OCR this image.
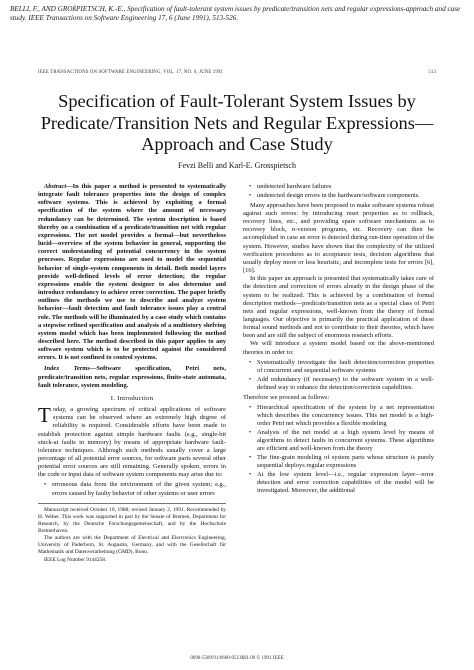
BELLI, F., AND GROßPIETSCH, K.-E., Specification of fault-tolerant system issues by predicate/transition nets and regular expressions-approach and case study. IEEE Transactions on Software Engineering 17, 6 (June 1991), 513-526.
IEEE TRANSACTIONS ON SOFTWARE ENGINEERING, VOL. 17, NO. 6, JUNE 1991	513
Specification of Fault-Tolerant System Issues by Predicate/Transition Nets and Regular Expressions—Approach and Case Study
Fevzi Belli and Karl-E. Grosspietsch

Abstract—In this paper a method is presented to systematically integrate fault tolerance properties into the design of complex software systems. This is achieved by exploiting a formal specification of the system where the amount of necessary redundancy can be determined. The system description is based thereby on a combination of a predicate/transition net with regular expressions. The net model provides a formal—but nevertheless lucid—overview of the system behavior in general, supporting the correct understanding of potential concurrency in the system processes. Regular expressions are used to model the sequential behavior of single-system components in detail. Both model layers provide well-defined levels of error detection; the regular expressions enable the system designer to also determine and introduce redundancy to achieve error correction. The paper briefly outlines the methods we use to describe and analyze system behavior—fault detection and fault tolerance issues play a central role. The methods will be illuminated by a case study which contains a stepwise refined specification and analysis of a multistory shelving system model which has been implemented following the method described here. The method described in this paper applies to any software system which is to be protected against the considered errors. It is not confined to control systems.

Index Terms—Software specification, Petri nets, predicate/transition nets, regular expressions, finite-state automata, fault tolerance, system modeling.

I. Introduction

Today, a growing spectrum of critical applications of software systems can be observed where an extremely high degree of reliability is required. Considerable efforts have been made to establish protection against simple hardware faults (e.g., single-bit stuck-at faults in memory) by means of appropriate hardware fault-tolerance techniques. Although such methods usually cover a large percentage of all potential error sources, for software parts several other potential error sources are still remaining. Generally spoken, errors in the code or input data of software system components may arise due to:

• erroneous data from the environment of the given system; e.g., errors caused by faulty behavior of other systems or user errors

Manuscript received October 10, 1988; revised January 2, 1991. Recommended by H. Weber. This work was supported in part by the Senate of Bremen, Department for Research, by the Deutsche Forschungsgemeinschaft, and by the Hochschule Bremerhaven.

The authors are with the Department of Electrical and Electronics Engineering, University of Paderborn, St. Augustin, Germany, and with the Gesellschaft für Mathematik und Datenverarbeitung (GMD), Bonn.

IEEE Log Number 9144258.

• undetected hardware failures
• undetected design errors in the hardware/software components.

Many approaches have been proposed to make software systems robust against such errors: by introducing reset properties as to rollback, recovery lines, etc., and providing spare software mechanisms as to recovery block, n-version programs, etc. Recovery can then be accomplished in case an error is detected during run-time operation of the system. However, studies have shown that the complexity of the utilized verification procedures as to acceptance tests, decision algorithms that usually deploy more or less heuristic, and incomplete tests for errors [6], [16].

In this paper an approach is presented that systematically takes care of the detection and correction of errors already in the design phase of the system to be realized. This is achieved by a combination of formal description methods—predicate/transition nets as a special class of Petri nets and regular expressions, well-known from the theory of formal languages. Our objective is primarily the practical application of these formal sound methods and not to contribute to their theories, which have been and are still the subject of enormous research efforts.

We will introduce a system model based on the above-mentioned theories in order to:

• Systematically investigate the fault detection/correction properties of concurrent and sequential software systems
• Add redundancy (if necessary) to the software system in a well-defined way to enhance the detection/correction capabilities.

Therefore we proceed as follows:

• Hierarchical specification of the system by a net representation which describes the concurrency issues. This net model is a high-order Petri net which provides a flexible modeling
• Analysis of the net model at a high system level by means of algorithms to detect faults in concurrent systems. These algorithms are efficient and well-known from the theory
• The fine-grain modeling of system parts whose structure is purely sequential deploys regular expressions
• At the low system level—i.e., regular expression layer—error detection and error correction capabilities of the model will be investigated. Moreover, the additional
0098-5589/91/0600-0513$01.00 © 1991 IEEE
